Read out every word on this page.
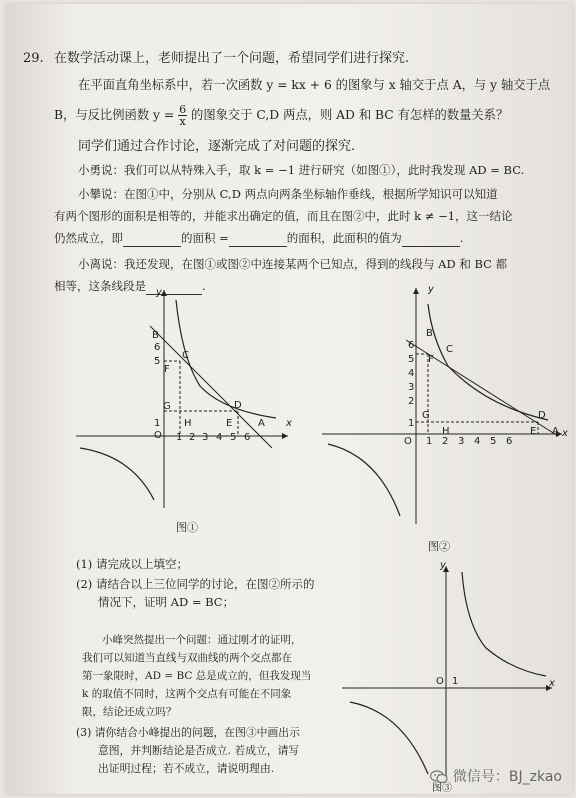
29. 在数学活动课上，老师提出了一个问题，希望同学们进行探究.
在平面直角坐标系中，若一次函数 y = kx + 6 的图象与 x 轴交于点 A，与 y 轴交于点
B，与反比例函数 $y = \frac{6}{x}$ 的图象交于 C,D 两点，则 AD 和 BC 有怎样的数量关系？
同学们通过合作讨论，逐渐完成了对问题的探究.
小勇说：我们可以从特殊入手，取 k = −1 进行研究（如图①），此时我发现 AD = BC.
小攀说：在图①中，分别从 C,D 两点向两条坐标轴作垂线，根据所学知识可以知道
有两个图形的面积是相等的，并能求出确定的值，而且在图②中，此时 k ≠ −1，这一结论
仍然成立，即	的面积 =	的面积，此面积的值为	.
小离说：我还发现，在图①或图②中连接某两个已知点，得到的线段与 AD 和 BC 都
相等，这条线段是	.
y
x
O
B
C
F
G	D
H	E	A
6
5
1
1 2 3 4 5 6
图①
y
x
O
B
C
F
G	D
H	E A
6
5
4
3
2
1
1 2 3 4 5 6
图②
(1) 请完成以上填空；
(2) 请结合以上三位同学的讨论，在图②所示的
情况下，证明 AD = BC；
小峰突然提出一个问题：通过刚才的证明，
我们可以知道当直线与双曲线的两个交点都在
第一象限时，AD = BC 总是成立的，但我发现当
k 的取值不同时，这两个交点有可能在不同象
限，结论还成立吗？
(3) 请你结合小峰提出的问题，在图③中画出示
意图，并判断结论是否成立. 若成立，请写
出证明过程；若不成立，请说明理由.
y
x
O 1
图③
微信号：BJ_zkao
